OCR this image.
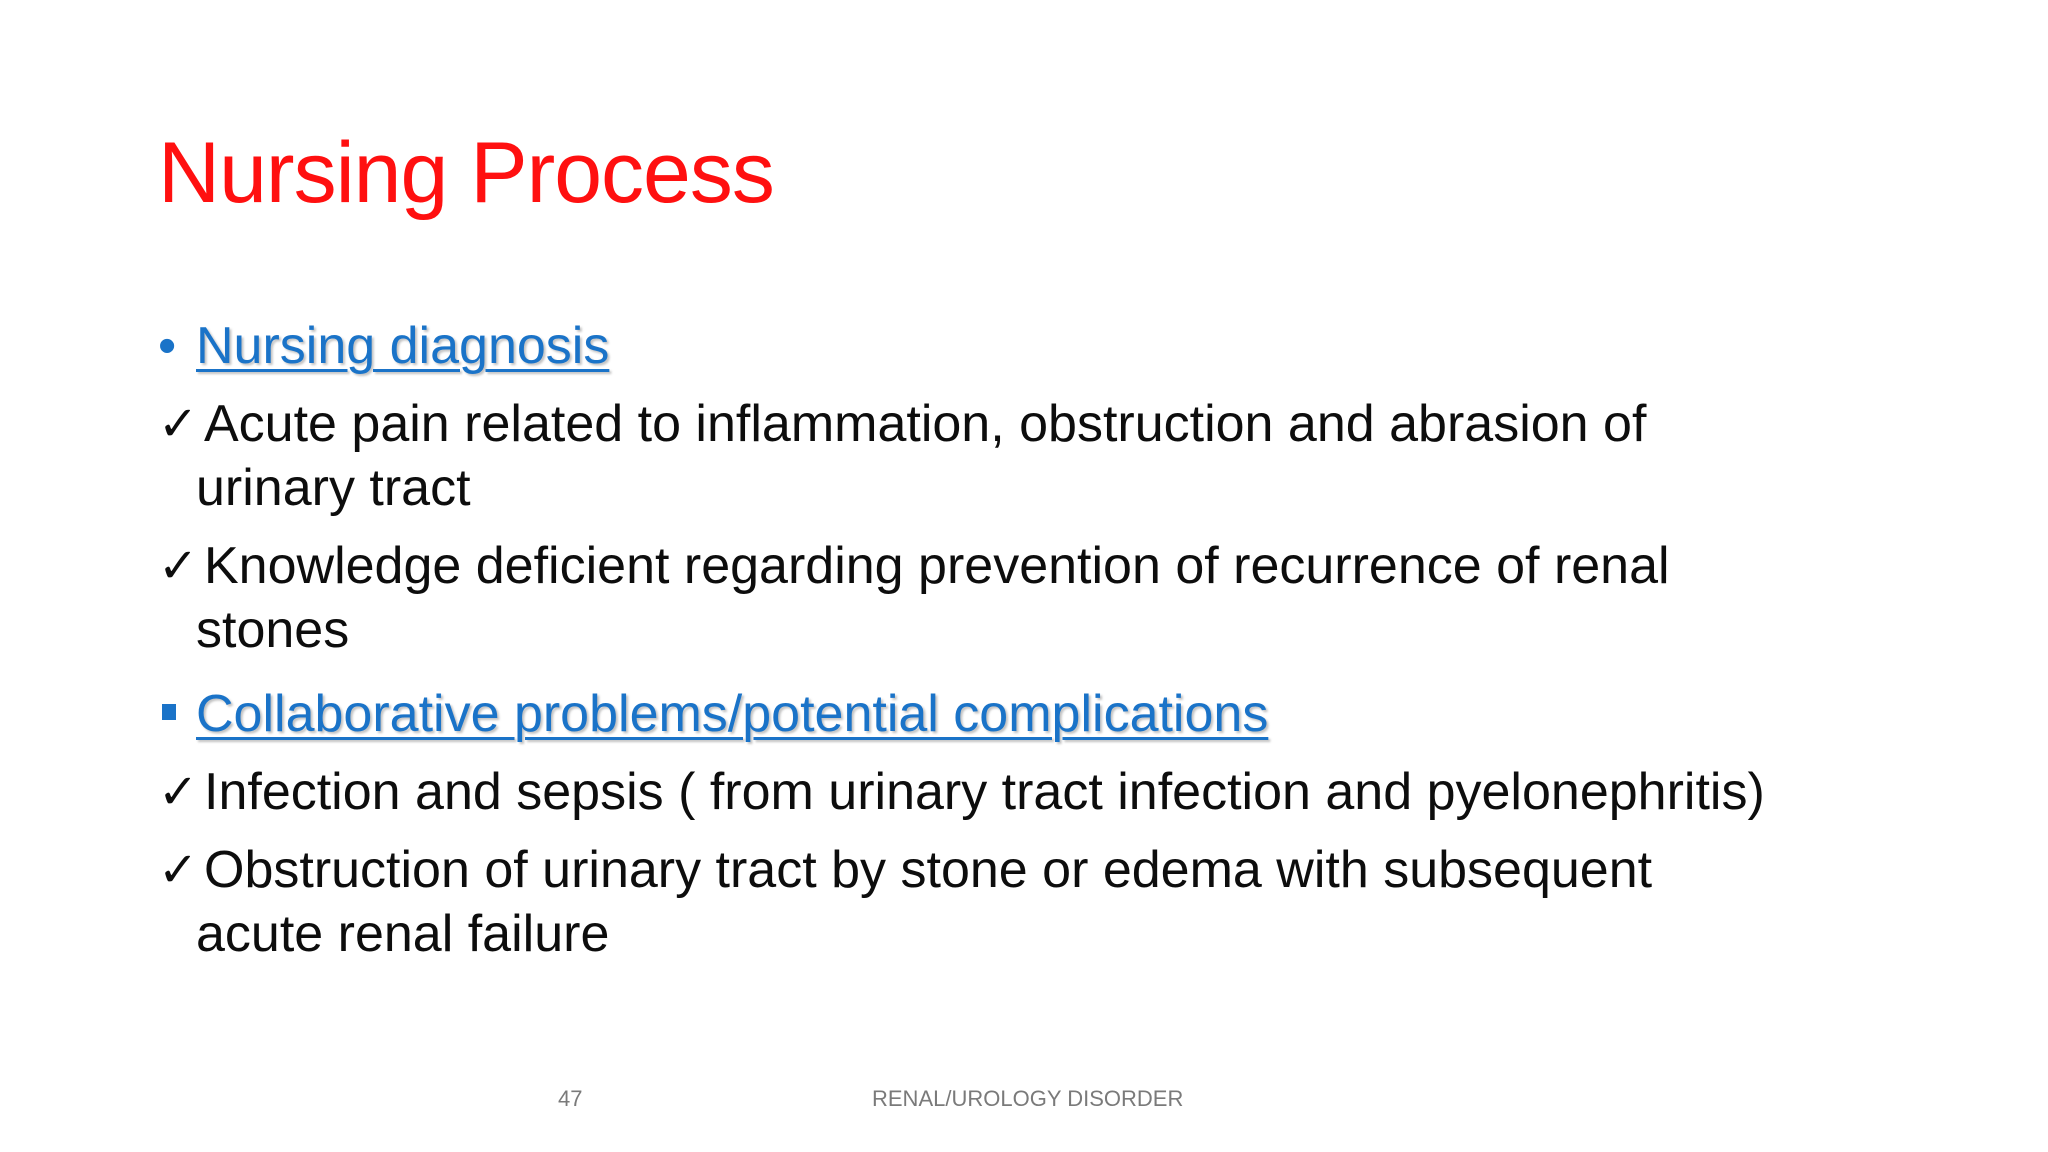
Nursing Process
• Nursing diagnosis
✓ Acute pain related to inflammation, obstruction and abrasion of
urinary tract
✓ Knowledge deficient regarding prevention of recurrence of renal
stones
Collaborative problems/potential complications
✓ Infection and sepsis ( from urinary tract infection and pyelonephritis)
✓ Obstruction of urinary tract by stone or edema with subsequent
acute renal failure
47	RENAL/UROLOGY DISORDER
